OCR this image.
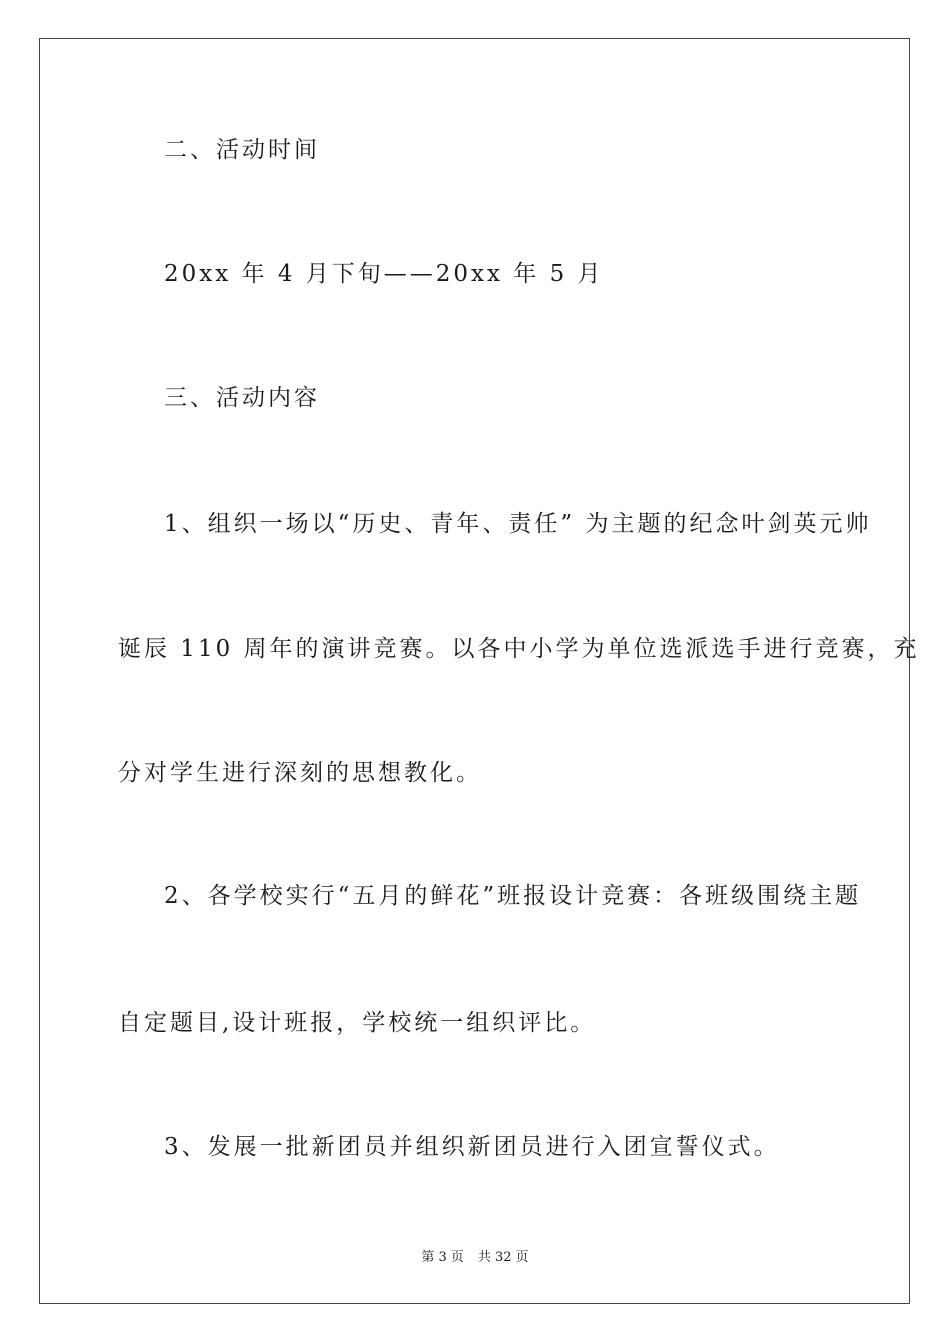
二、活动时间
20xx 年 4 月下旬——20xx 年 5 月
三、活动内容
1、组织一场以“历史、青年、责任” 为主题的纪念叶剑英元帅
诞辰 110 周年的演讲竞赛。以各中小学为单位选派选手进行竞赛，充
分对学生进行深刻的思想教化。
2、各学校实行“五月的鲜花”班报设计竞赛：各班级围绕主题
自定题目,设计班报，学校统一组织评比。
3、发展一批新团员并组织新团员进行入团宣誓仪式。
第 3 页 共 32 页
